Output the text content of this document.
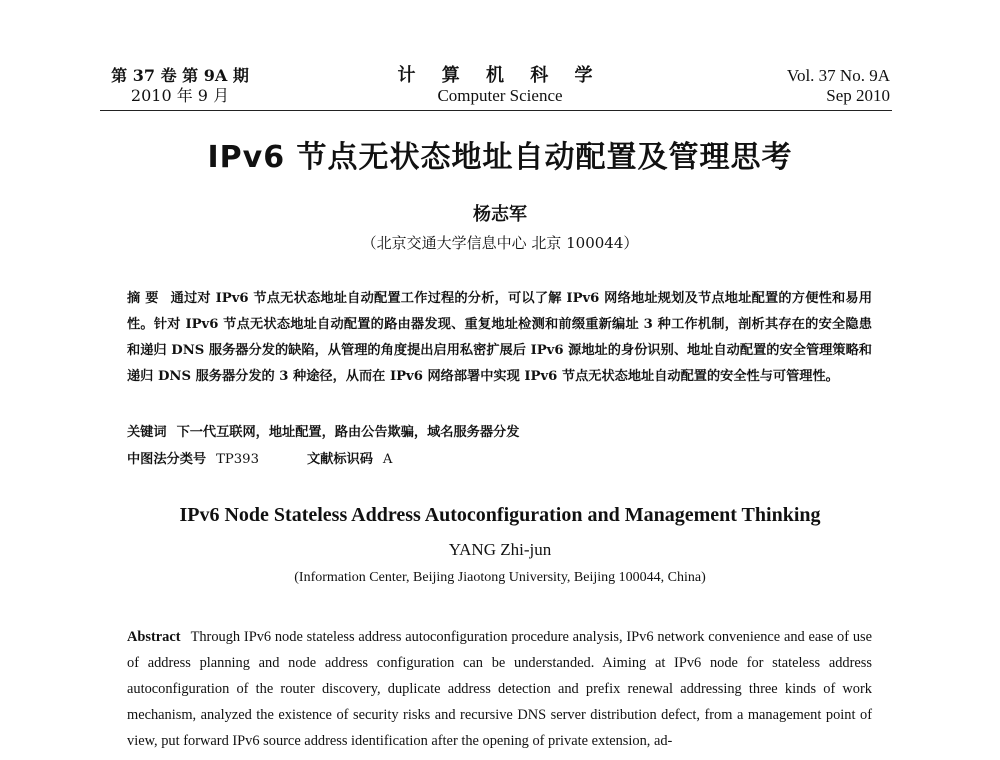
第 37 卷 第 9A 期
2010 年 9 月
计 算 机 科 学
Computer Science
Vol. 37 No. 9A
Sep 2010
IPv6 节点无状态地址自动配置及管理思考
杨志军
（北京交通大学信息中心 北京 100044）
摘 要 通过对 IPv6 节点无状态地址自动配置工作过程的分析，可以了解 IPv6 网络地址规划及节点地址配置的方便性和易用性。针对 IPv6 节点无状态地址自动配置的路由器发现、重复地址检测和前缀重新编址 3 种工作机制，剖析其存在的安全隐患和递归 DNS 服务器分发的缺陷，从管理的角度提出启用私密扩展后 IPv6 源地址的身份识别、地址自动配置的安全管理策略和递归 DNS 服务器分发的 3 种途径，从而在 IPv6 网络部署中实现 IPv6 节点无状态地址自动配置的安全性与可管理性。
关键词 下一代互联网，地址配置，路由公告欺骗，域名服务器分发
中图法分类号 TP393	文献标识码 A
IPv6 Node Stateless Address Autoconfiguration and Management Thinking
YANG Zhi-jun
(Information Center, Beijing Jiaotong University, Beijing 100044, China)
Abstract Through IPv6 node stateless address autoconfiguration procedure analysis, IPv6 network convenience and ease of use of address planning and node address configuration can be understanded. Aiming at IPv6 node for stateless address autoconfiguration of the router discovery, duplicate address detection and prefix renewal addressing three kinds of work mechanism, analyzed the existence of security risks and recursive DNS server distribution defect, from a management point of view, put forward IPv6 source address identification after the opening of private extension, ad-
